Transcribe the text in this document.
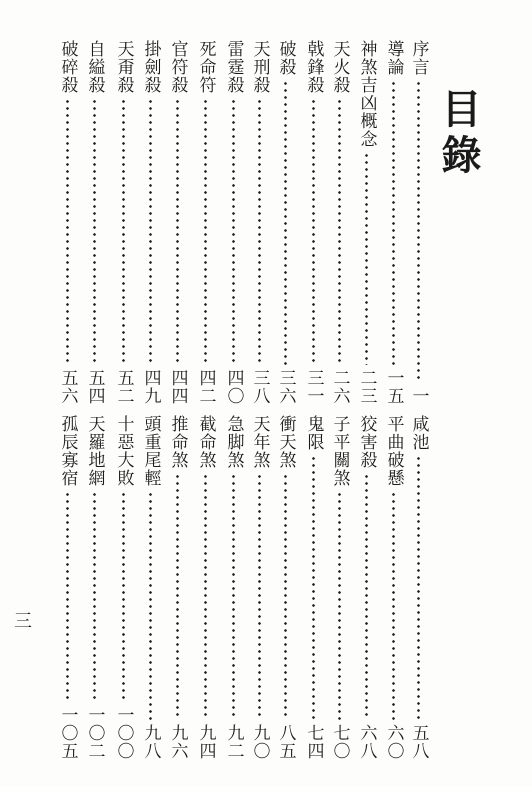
目錄
序言
一
導論
一五
神煞吉凶概念
二三
天火殺
二六
戟鋒殺
三一
破殺
三六
天刑殺
三八
雷霆殺
四〇
死命符
四二
官符殺
四四
掛劍殺
四九
天甭殺
五二
自縊殺
五四
破碎殺
五六
咸池
五八
平曲破懸
六〇
狡害殺
六八
子平關煞
七〇
鬼限
七四
衝天煞
八五
天年煞
九〇
急脚煞
九二
截命煞
九四
推命煞
九六
頭重尾輕
九八
十惡大敗
一〇〇
天羅地網
一〇二
孤辰寡宿
一〇五
三
